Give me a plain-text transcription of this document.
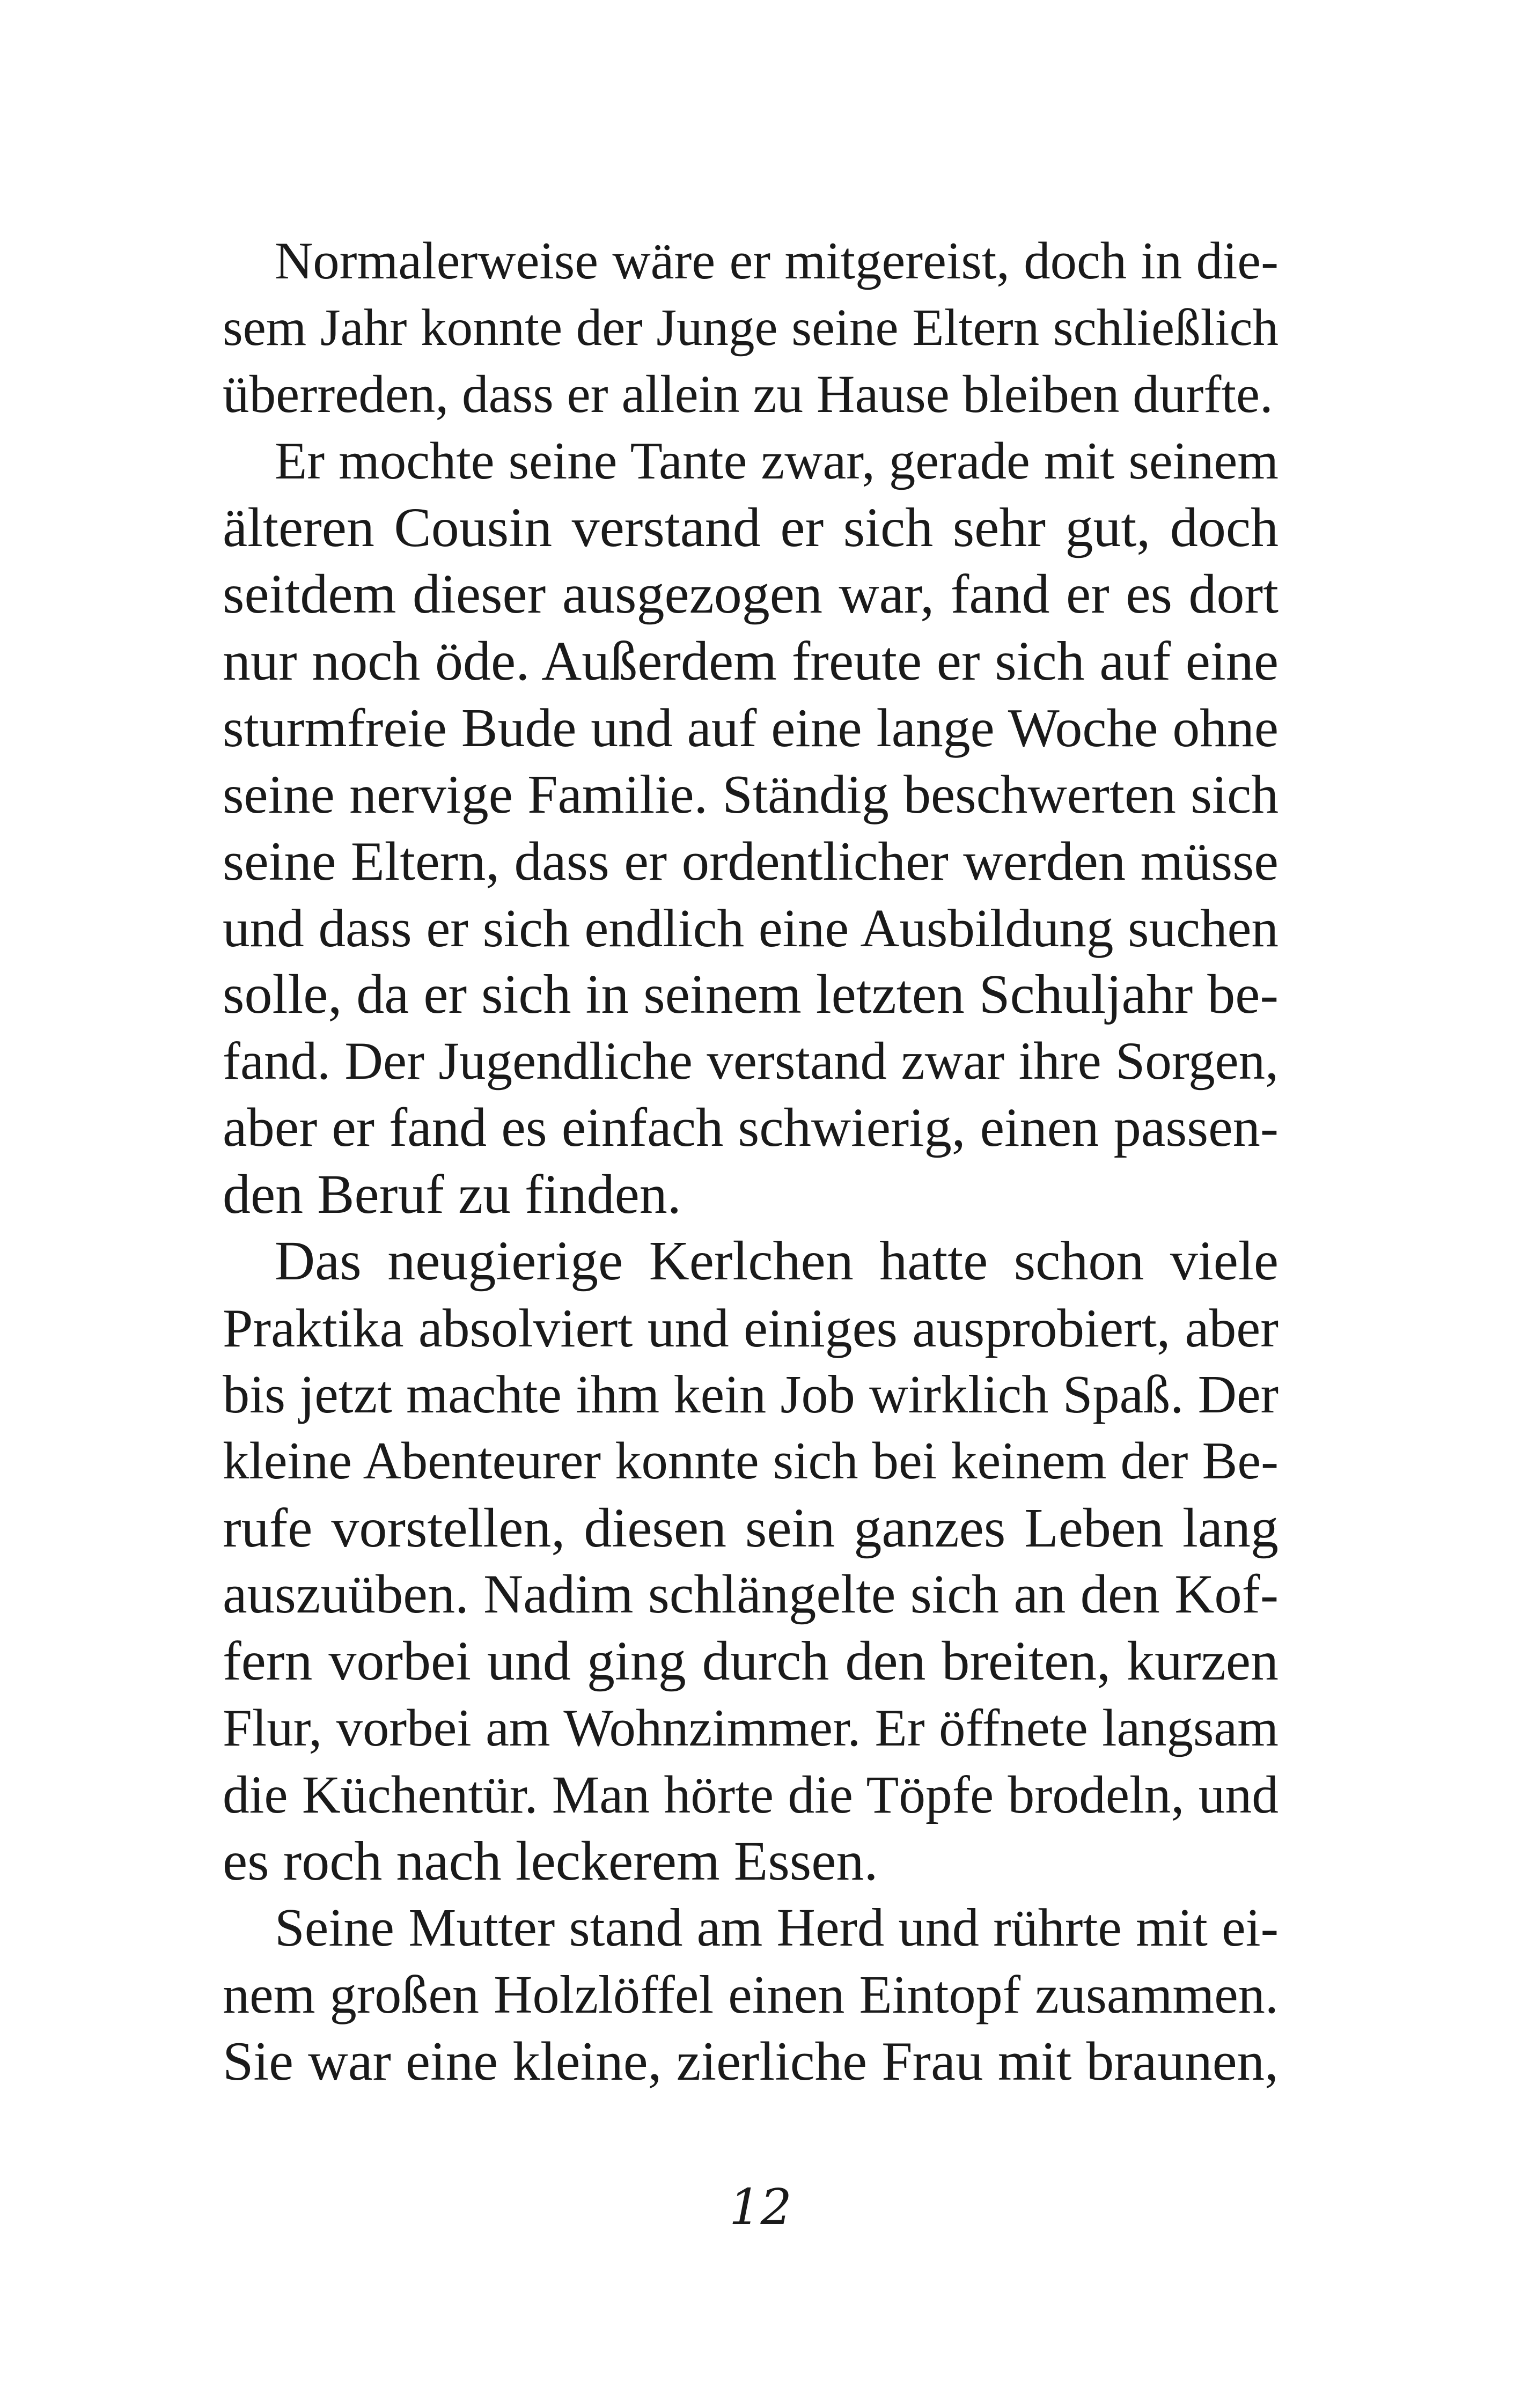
Normalerweise wäre er mitgereist, doch in die-
sem Jahr konnte der Junge seine Eltern schließlich
überreden, dass er allein zu Hause bleiben durfte.
Er mochte seine Tante zwar, gerade mit seinem
älteren Cousin verstand er sich sehr gut, doch
seitdem dieser ausgezogen war, fand er es dort
nur noch öde. Außerdem freute er sich auf eine
sturmfreie Bude und auf eine lange Woche ohne
seine nervige Familie. Ständig beschwerten sich
seine Eltern, dass er ordentlicher werden müsse
und dass er sich endlich eine Ausbildung suchen
solle, da er sich in seinem letzten Schuljahr be-
fand. Der Jugendliche verstand zwar ihre Sorgen,
aber er fand es einfach schwierig, einen passen-
den Beruf zu finden.
Das neugierige Kerlchen hatte schon viele
Praktika absolviert und einiges ausprobiert, aber
bis jetzt machte ihm kein Job wirklich Spaß. Der
kleine Abenteurer konnte sich bei keinem der Be-
rufe vorstellen, diesen sein ganzes Leben lang
auszuüben. Nadim schlängelte sich an den Kof-
fern vorbei und ging durch den breiten, kurzen
Flur, vorbei am Wohnzimmer. Er öffnete langsam
die Küchentür. Man hörte die Töpfe brodeln, und
es roch nach leckerem Essen.
Seine Mutter stand am Herd und rührte mit ei-
nem großen Holzlöffel einen Eintopf zusammen.
Sie war eine kleine, zierliche Frau mit braunen,
12
